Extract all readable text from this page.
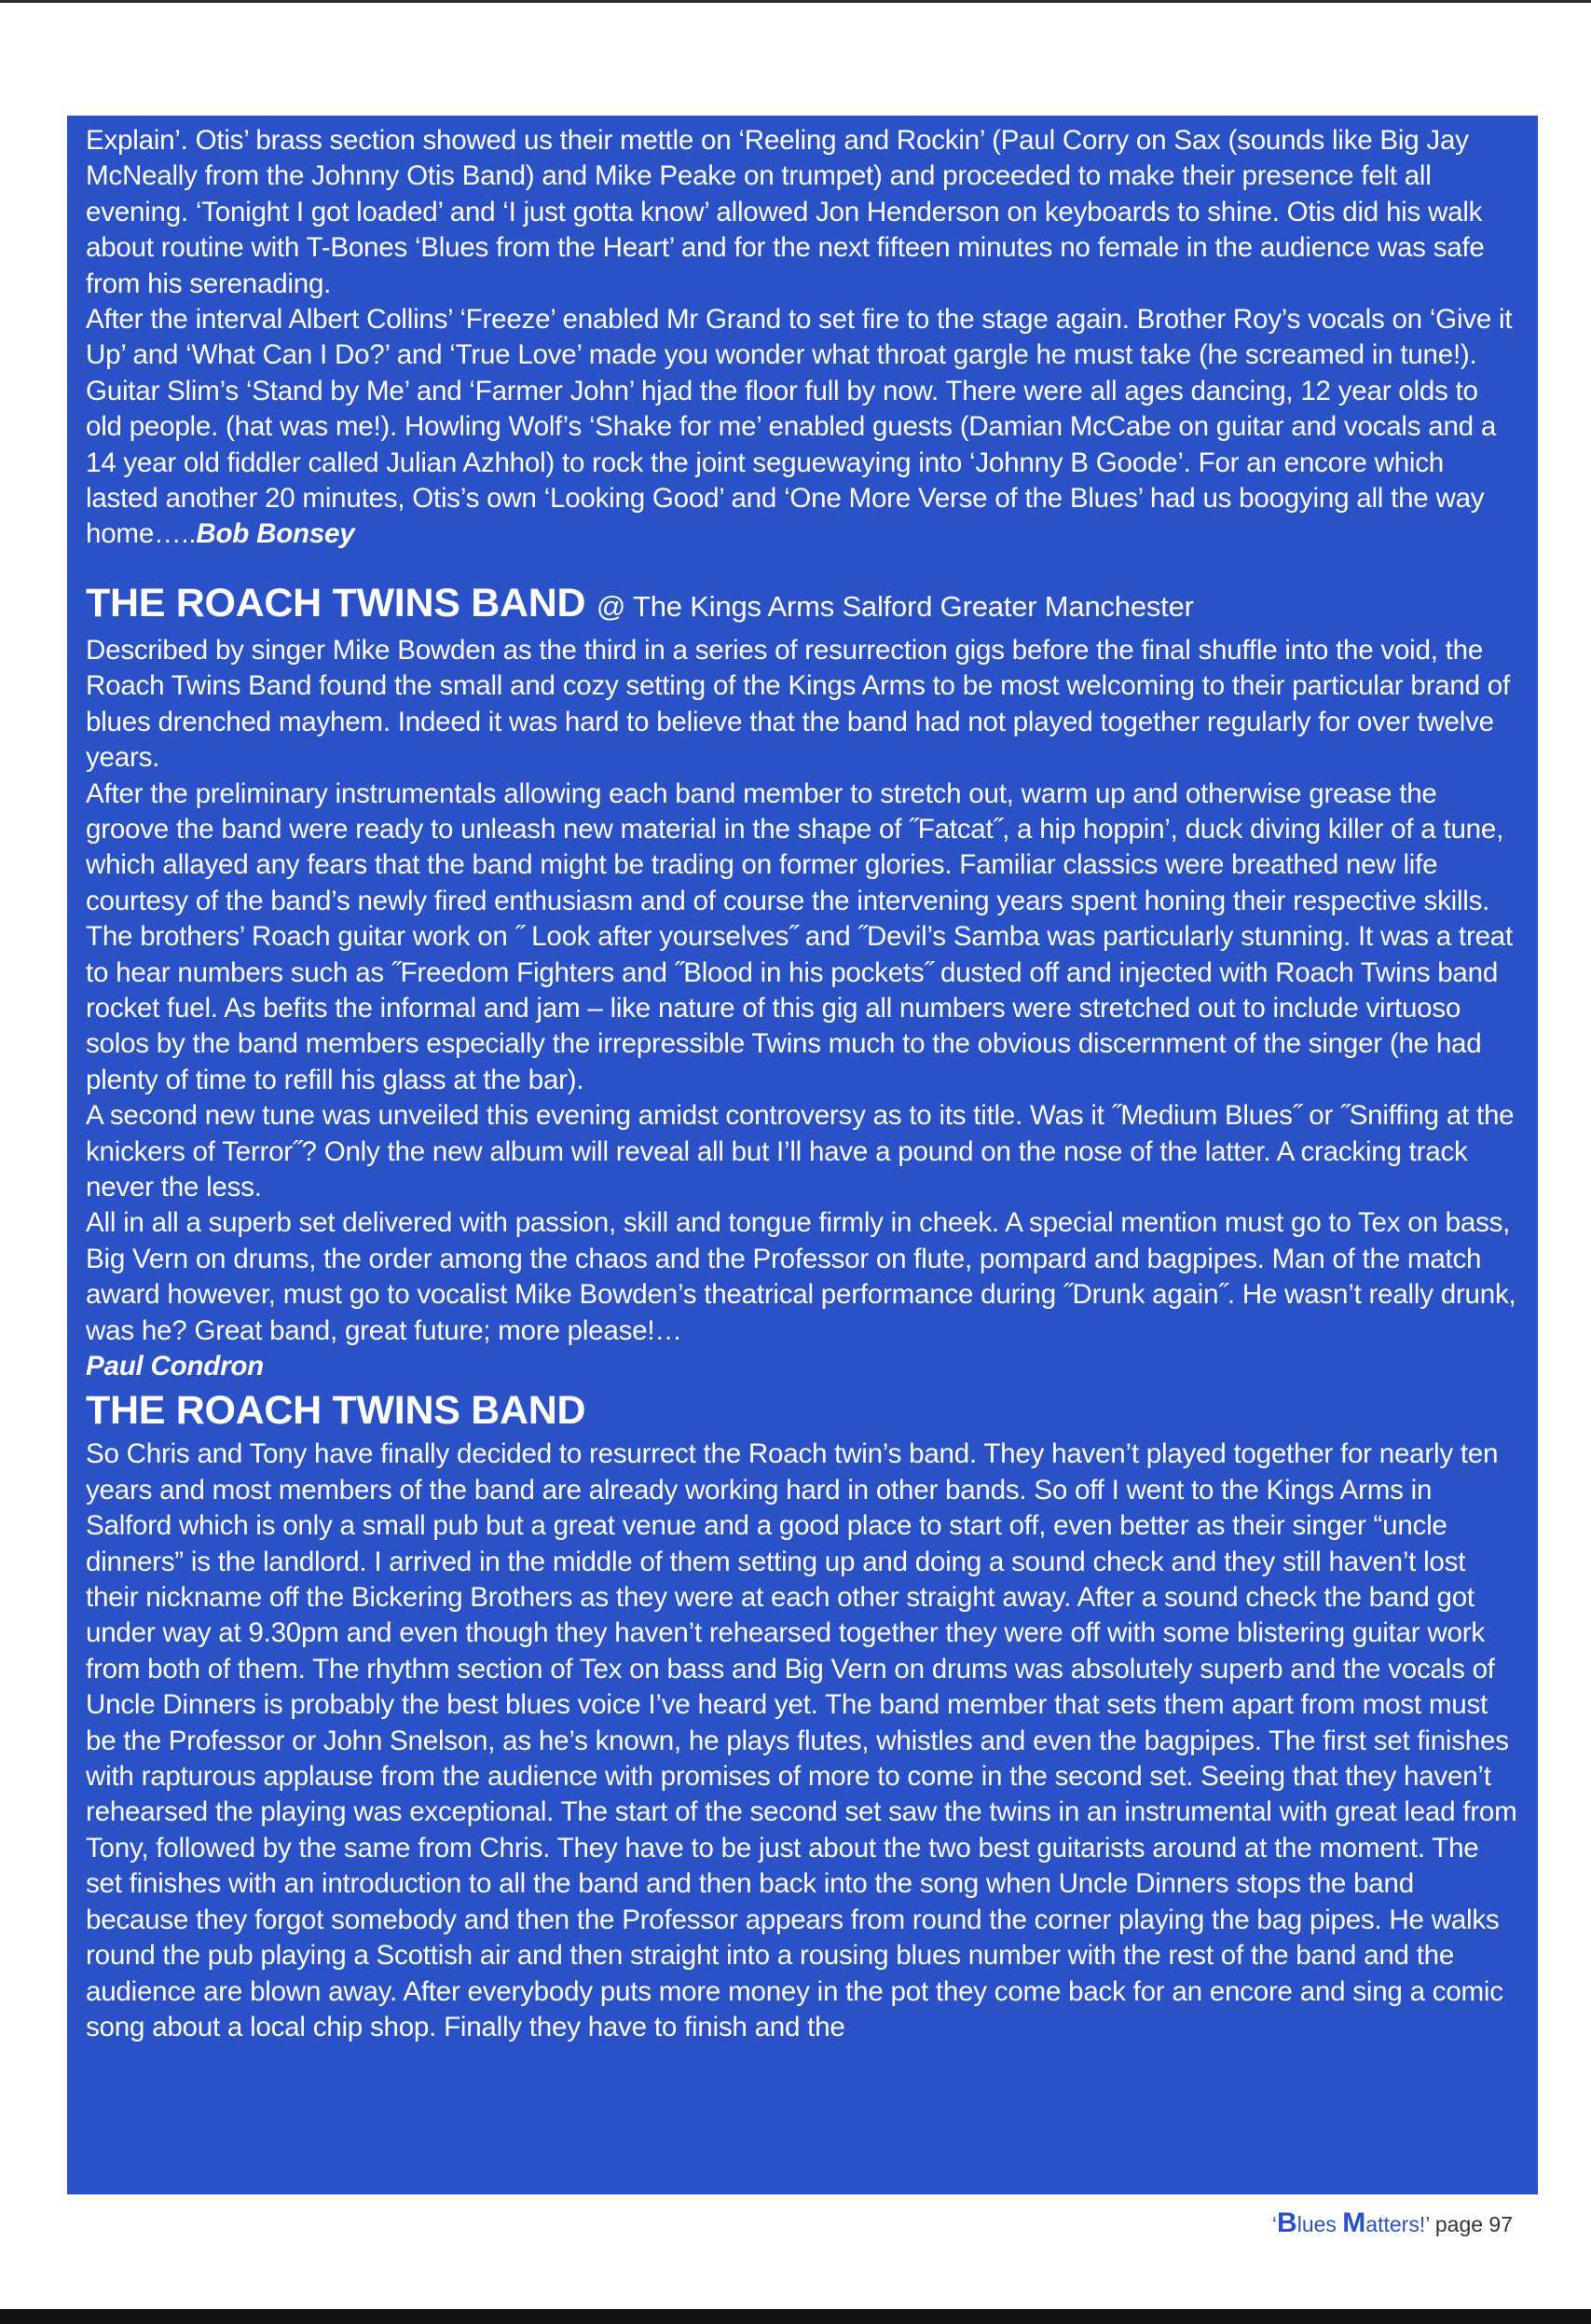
Explain’. Otis’ brass section showed us their mettle on ‘Reeling and Rockin’ (Paul Corry on Sax (sounds like Big Jay McNeally from the Johnny Otis Band) and Mike Peake on trumpet) and proceeded to make their presence felt all evening. ‘Tonight I got loaded’ and ‘I just gotta know’ allowed Jon Henderson on keyboards to shine. Otis did his walk about routine with T-Bones ‘Blues from the Heart’ and for the next fifteen minutes no female in the audience was safe from his serenading.

After the interval Albert Collins’ ‘Freeze’ enabled Mr Grand to set fire to the stage again. Brother Roy’s vocals on ‘Give it Up’ and ‘What Can I Do?’ and ‘True Love’ made you wonder what throat gargle he must take (he screamed in tune!). Guitar Slim’s ‘Stand by Me’ and ‘Farmer John’ hjad the floor full by now. There were all ages dancing, 12 year olds to old people. (hat was me!). Howling Wolf’s ‘Shake for me’ enabled guests (Damian McCabe on guitar and vocals and a 14 year old fiddler called Julian Azhhol) to rock the joint seguewaying into ‘Johnny B Goode’. For an encore which lasted another 20 minutes, Otis’s own ‘Looking Good’ and ‘One More Verse of the Blues’ had us boogying all the way home…..Bob Bonsey

THE ROACH TWINS BAND @ The Kings Arms Salford Greater Manchester

Described by singer Mike Bowden as the third in a series of resurrection gigs before the final shuffle into the void, the Roach Twins Band found the small and cozy setting of the Kings Arms to be most welcoming to their particular brand of blues drenched mayhem. Indeed it was hard to believe that the band had not played together regularly for over twelve years.

After the preliminary instrumentals allowing each band member to stretch out, warm up and otherwise grease the groove the band were ready to unleash new material in the shape of ˝Fatcat˝, a hip hoppin’, duck diving killer of a tune, which allayed any fears that the band might be trading on former glories. Familiar classics were breathed new life courtesy of the band’s newly fired enthusiasm and of course the intervening years spent honing their respective skills. The brothers’ Roach guitar work on ˝ Look after yourselves˝ and ˝Devil’s Samba was particularly stunning. It was a treat to hear numbers such as ˝Freedom Fighters and ˝Blood in his pockets˝ dusted off and injected with Roach Twins band rocket fuel. As befits the informal and jam – like nature of this gig all numbers were stretched out to include virtuoso solos by the band members especially the irrepressible Twins much to the obvious discernment of the singer (he had plenty of time to refill his glass at the bar).

A second new tune was unveiled this evening amidst controversy as to its title. Was it ˝Medium Blues˝ or ˝Sniffing at the knickers of Terror˝? Only the new album will reveal all but I’ll have a pound on the nose of the latter. A cracking track never the less.

All in all a superb set delivered with passion, skill and tongue firmly in cheek. A special mention must go to Tex on bass, Big Vern on drums, the order among the chaos and the Professor on flute, pompard and bagpipes. Man of the match award however, must go to vocalist Mike Bowden’s theatrical performance during ˝Drunk again˝. He wasn’t really drunk, was he? Great band, great future; more please!…

Paul Condron

THE ROACH TWINS BAND

So Chris and Tony have finally decided to resurrect the Roach twin’s band. They haven’t played together for nearly ten years and most members of the band are already working hard in other bands. So off I went to the Kings Arms in Salford which is only a small pub but a great venue and a good place to start off, even better as their singer “uncle dinners” is the landlord. I arrived in the middle of them setting up and doing a sound check and they still haven’t lost their nickname off the Bickering Brothers as they were at each other straight away. After a sound check the band got under way at 9.30pm and even though they haven’t rehearsed together they were off with some blistering guitar work from both of them. The rhythm section of Tex on bass and Big Vern on drums was absolutely superb and the vocals of Uncle Dinners is probably the best blues voice I’ve heard yet. The band member that sets them apart from most must be the Professor or John Snelson, as he’s known, he plays flutes, whistles and even the bagpipes. The first set finishes with rapturous applause from the audience with promises of more to come in the second set. Seeing that they haven’t rehearsed the playing was exceptional. The start of the second set saw the twins in an instrumental with great lead from Tony, followed by the same from Chris. They have to be just about the two best guitarists around at the moment. The set finishes with an introduction to all the band and then back into the song when Uncle Dinners stops the band because they forgot somebody and then the Professor appears from round the corner playing the bag pipes. He walks round the pub playing a Scottish air and then straight into a rousing blues number with the rest of the band and the audience are blown away. After everybody puts more money in the pot they come back for an encore and sing a comic song about a local chip shop. Finally they have to finish and the

‘Blues Matters!’ page 97
